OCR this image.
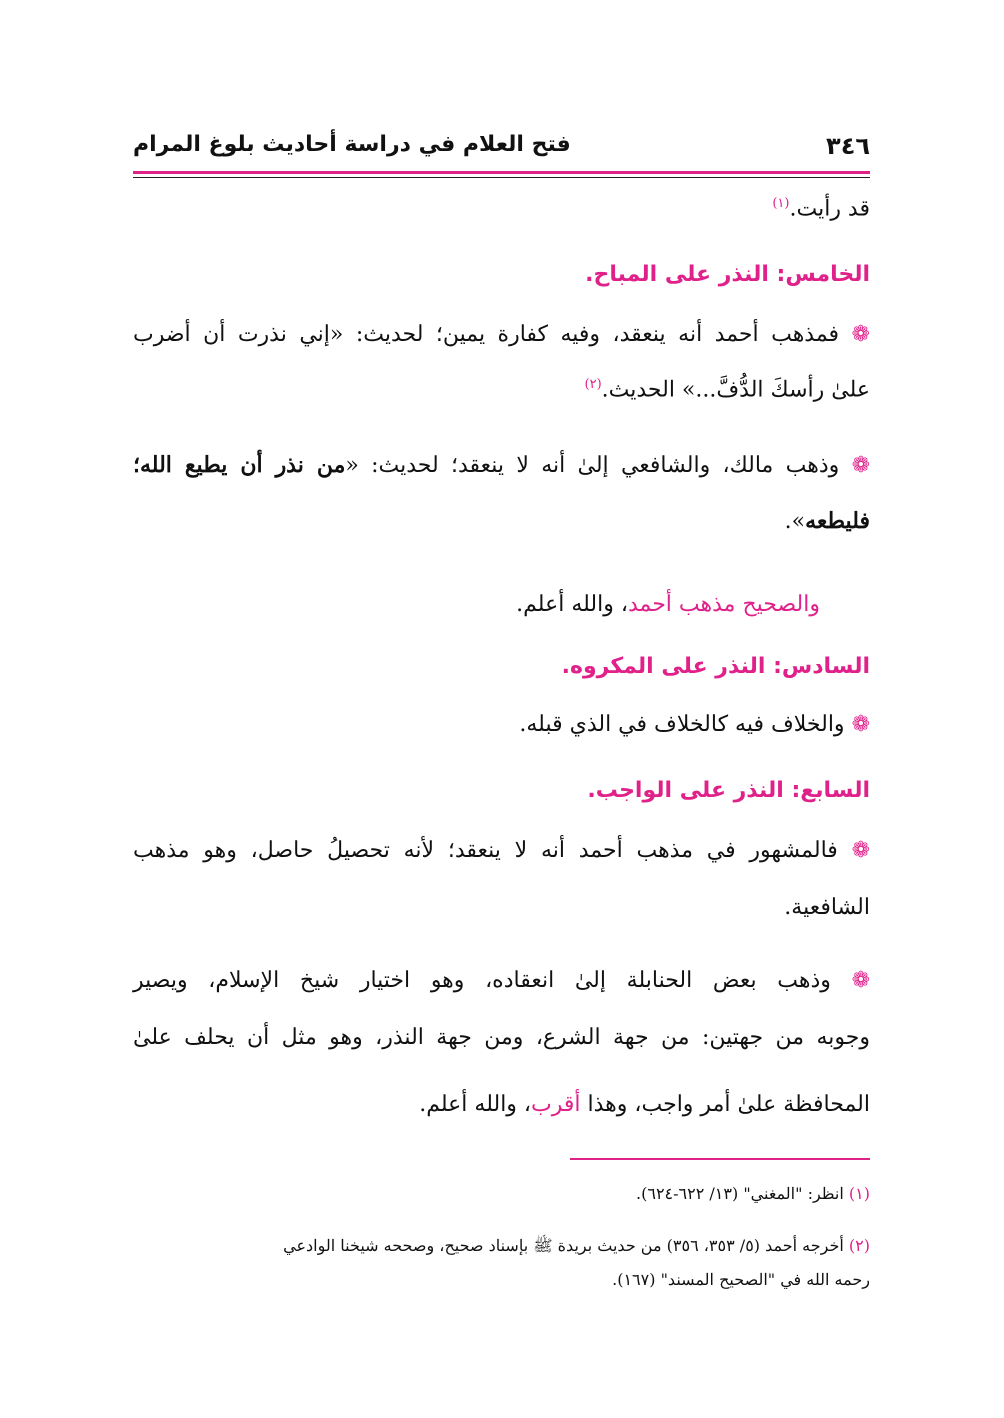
٣٤٦
فتح العلام في دراسة أحاديث بلوغ المرام
قد رأيت.$^{(١)}$
الخامس: النذر على المباح.
❁ فمذهب أحمد أنه ينعقد، وفيه كفارة يمين؛ لحديث: «إني نذرت أن أضرب
علىٰ رأسكَ الدُّفَّ...» الحديث.$^{(٢)}$
❁ وذهب مالك، والشافعي إلىٰ أنه لا ينعقد؛ لحديث: «من نذر أن يطيع الله؛
فليطعه».
والصحيح مذهب أحمد، والله أعلم.
السادس: النذر على المكروه.
❁ والخلاف فيه كالخلاف في الذي قبله.
السابع: النذر على الواجب.
❁ فالمشهور في مذهب أحمد أنه لا ينعقد؛ لأنه تحصيلُ حاصل، وهو مذهب
الشافعية.
❁ وذهب بعض الحنابلة إلىٰ انعقاده، وهو اختيار شيخ الإسلام، ويصير
وجوبه من جهتين: من جهة الشرع، ومن جهة النذر، وهو مثل أن يحلف علىٰ
المحافظة علىٰ أمر واجب، وهذا أقرب، والله أعلم.
(١) انظر: "المغني" (١٣/ ٦٢٢-٦٢٤).
(٢) أخرجه أحمد (٥/ ٣٥٣، ٣٥٦) من حديث بريدة ﷺ بإسناد صحيح، وصححه شيخنا الوادعي
رحمه الله في "الصحيح المسند" (١٦٧).
